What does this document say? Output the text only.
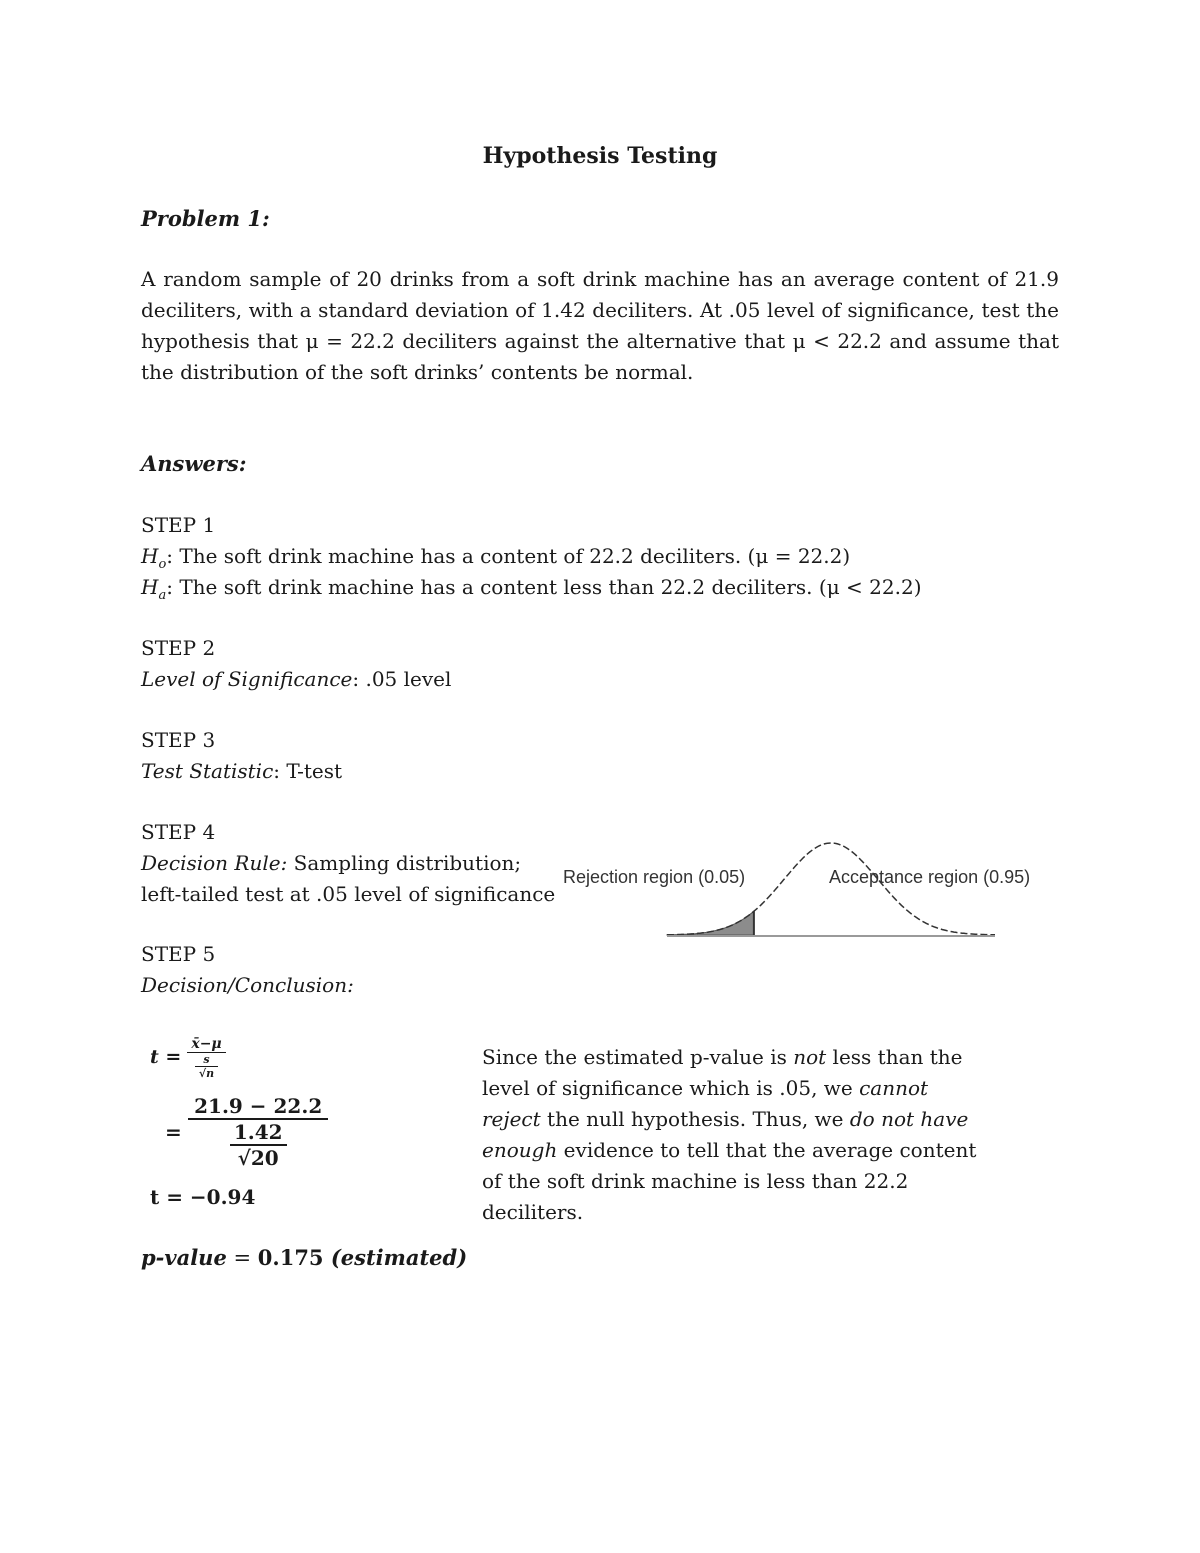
Hypothesis Testing
Problem 1:
A random sample of 20 drinks from a soft drink machine has an average content of 21.9 deciliters, with a standard deviation of 1.42 deciliters. At .05 level of significance, test the hypothesis that μ = 22.2 deciliters against the alternative that μ < 22.2 and assume that the distribution of the soft drinks’ contents be normal.
Answers:
STEP 1
$H_o$: The soft drink machine has a content of 22.2 deciliters. (μ = 22.2)
$H_a$: The soft drink machine has a content less than 22.2 deciliters. (μ < 22.2)
STEP 2
Level of Significance: .05 level
STEP 3
Test Statistic: T-test
STEP 4
Decision Rule: Sampling distribution;
left-tailed test at .05 level of significance
Rejection region (0.05)	Acceptance region (0.95)
STEP 5
Decision/Conclusion:
$t = \frac{x̄-\mu}{\frac{s}{√n}}$
= $\frac{21.9 - 22.2}{\frac{1.42}{√20}}$
t = −0.94
p-value = 0.175 (estimated)
Since the estimated p-value is not less than the level of significance which is .05, we cannot reject the null hypothesis. Thus, we do not have enough evidence to tell that the average content of the soft drink machine is less than 22.2 deciliters.
